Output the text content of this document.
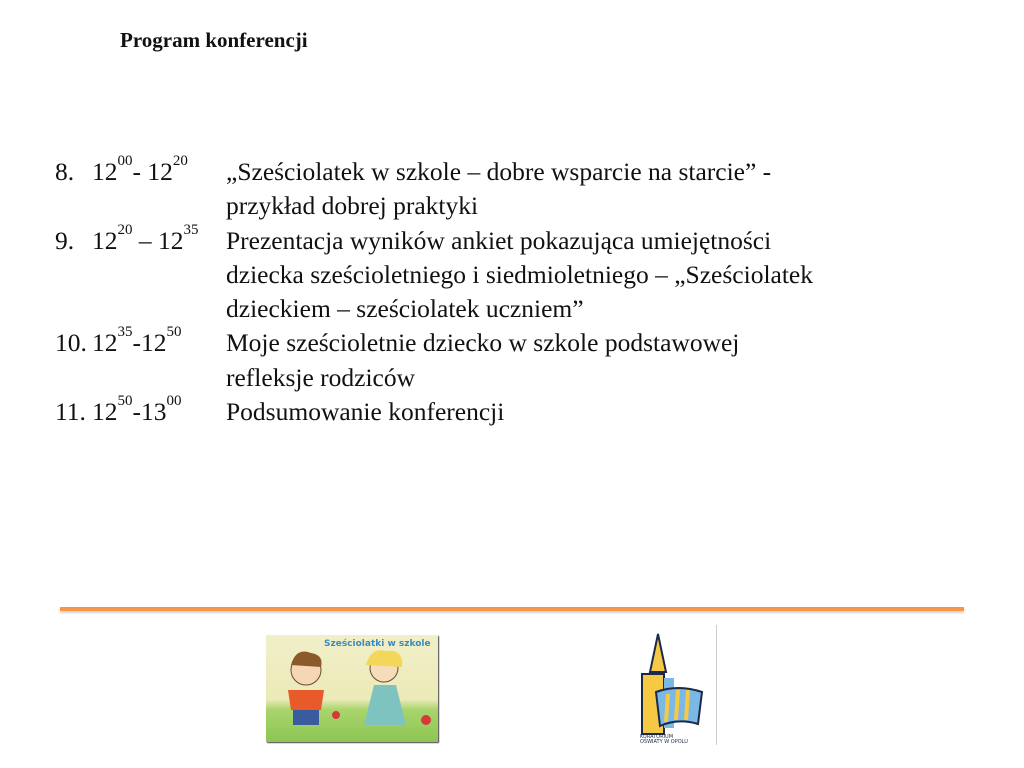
Program konferencji
8. $12^{00}-$ $12^{20}$	„Sześciolatek w szkole – dobre wsparcie na starcie” -
przykład dobrej praktyki
9. $12^{20} - 12^{35}$	Prezentacja wyników ankiet pokazująca umiejętności
dziecka sześcioletniego i siedmioletniego – „Sześciolatek
dzieckiem – sześciolatek uczniem”
10. $12^{35}-12^{50}$	Moje sześcioletnie dziecko w szkole podstawowej
refleksje rodziców
11. $12^{50}-13^{00}$	Podsumowanie konferencji
Sześciolatki w szkole
KURATORIUM
OŚWIATY W OPOLU
